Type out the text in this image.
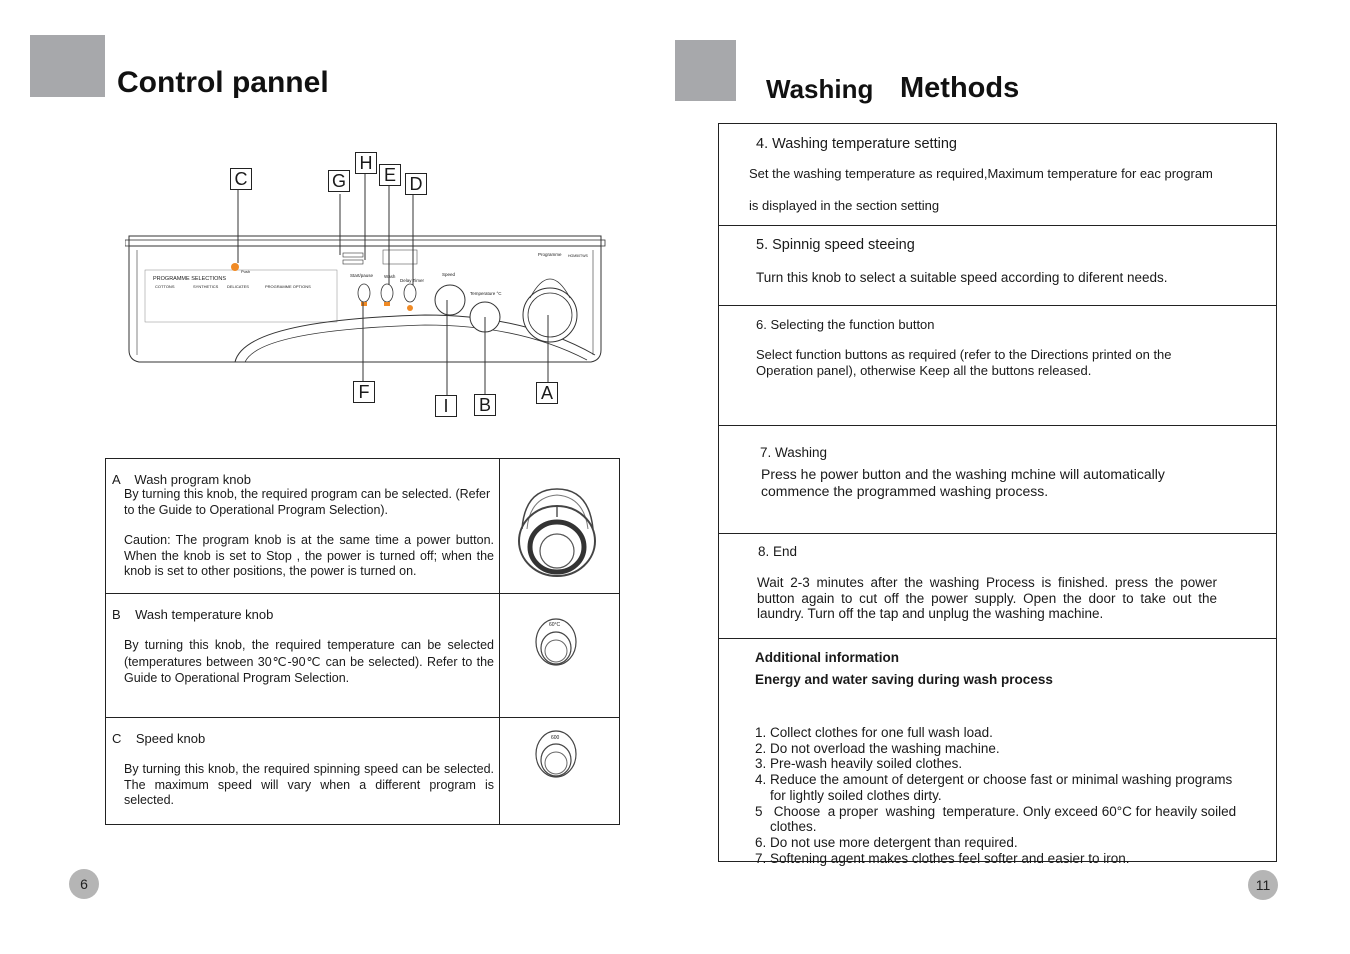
Control pannel
Push
PROGRAMME SELECTIONS
COTTONS	SYNTHETICS DELICATES	PROGRAMME OPTIONS
Start/pause Wash
Delay Timer
Speed
Temperature °C
Programme HGM50TWS
C	G
H
E D
F
I	B
A
A    Wash program knob
By turning this knob, the required program can be selected. (Refer to the Guide to Operational Program Selection).
Caution: The program knob is at the same time a power button. When the knob is set to Stop , the power is turned off; when the knob is set to other positions, the power is turned on.
B    Wash temperature knob
By turning this knob, the required temperature can be selected (temperatures between 30℃-90℃ can be selected). Refer to the Guide to Operational Program Selection.
60°C
C    Speed knob
By turning this knob, the required spinning speed can be selected. The maximum speed will vary when a different program is selected.
600
6
Washing Methods
4. Washing temperature setting
Set the washing temperature as required,Maximum temperature for eac program
is displayed in the section setting
5. Spinnig speed steeing
Turn this knob to select a suitable speed according to diferent needs.
6. Selecting the function button
Select function buttons as required (refer to the Directions printed on the
Operation panel), otherwise Keep all the buttons released.
7. Washing
Press he power button and the washing mchine will automatically
commence the programmed washing process.
8. End
Wait 2-3 minutes after the washing Process is finished. press the power button again to cut off the power supply. Open the door to take out the laundry. Turn off the tap and unplug the washing machine.
Additional information
Energy and water saving during wash process
1. Collect clothes for one full wash load.
2. Do not overload the washing machine.
3. Pre-wash heavily soiled clothes.
4. Reduce the amount of detergent or choose fast or minimal washing programs
for lightly soiled clothes dirty.
5   Choose  a proper  washing  temperature. Only exceed 60°C for heavily soiled
clothes.
6. Do not use more detergent than required.
7. Softening agent makes clothes feel softer and easier to iron.
11
